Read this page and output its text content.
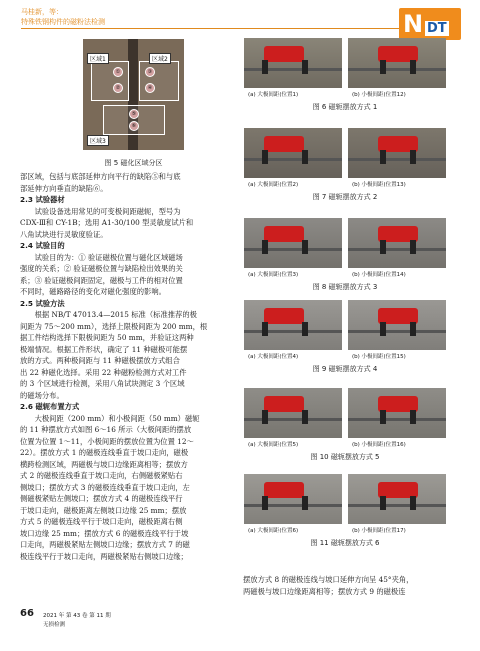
马桂新，等：
特殊铁钢构件的磁粉法检测	N DT
区域1	区域2
区域3
①
②
③
④
⑤
⑥
图 5 磁化区域分区
部区域，包括与底部延伸方向平行的缺陷⑤和与底
部延伸方向垂直的缺陷⑥。
2.3 试验器材
　　试验设备选用常见的可变极间距磁轭，型号为
CDX-Ⅲ和 CY-1B；选用 A1-30/100 型灵敏度试片和
八角试块进行灵敏度验证。
2.4 试验目的
　　试验目的为：① 验证磁极位置与磁化区域磁场
强度的关系；② 验证磁极位置与缺陷检出效果的关
系；③ 验证磁极间距固定，磁极与工件的相对位置
不同时，磁路路径的变化对磁化强度的影响。
2.5 试验方法
　　根据 NB/T 47013.4—2015 标准（标准推荐的极
间距为 75～200 mm），选择上限极间距为 200 mm，根
据工件结构选择下限极间距为 50 mm，并验证这两种
极端情况。根据工件形状，确定了 11 种磁极可能摆
放的方式。两种极间距与 11 种磁极摆放方式组合
出 22 种磁化选择。采用 22 种磁粉检测方式对工件
的 3 个区域进行检测，采用八角试块测定 3 个区域
的磁场分布。
2.6 磁轭布置方式
　　大极间距（200 mm）和小极间距（50 mm）磁轭
的 11 种摆放方式如图 6～16 所示（大极间距的摆放
位置为位置 1～11，小极间距的摆放位置为位置 12～
22）。摆放方式 1 的磁极连线垂直于坡口走向，磁极
横跨检测区域，两磁极与坡口边缘距离相等；摆放方
式 2 的磁极连线垂直于坡口走向，右侧磁极紧贴右
侧坡口；摆放方式 3 的磁极连线垂直于坡口走向，左
侧磁极紧贴左侧坡口；摆放方式 4 的磁极连线平行
于坡口走向，磁极距离左侧坡口边缘 25 mm；摆放
方式 5 的磁极连线平行于坡口走向，磁极距离右侧
坡口边缘 25 mm；摆放方式 6 的磁极连线平行于坡
口走向，两磁极紧贴左侧坡口边缘；摆放方式 7 的磁
极连线平行于坡口走向，两磁极紧贴右侧坡口边缘；
(a) 大极间距(位置1)	(b) 小极间距(位置12)
图 6 磁轭摆放方式 1
(a) 大极间距(位置2)	(b) 小极间距(位置13)
图 7 磁轭摆放方式 2
(a) 大极间距(位置3)	(b) 小极间距(位置14)
图 8 磁轭摆放方式 3
(a) 大极间距(位置4)	(b) 小极间距(位置15)
图 9 磁轭摆放方式 4
(a) 大极间距(位置5)	(b) 小极间距(位置16)
图 10 磁轭摆放方式 5
(a) 大极间距(位置6)	(b) 小极间距(位置17)
图 11 磁轭摆放方式 6
摆放方式 8 的磁极连线与坡口延伸方向呈 45°夹角，
两磁极与坡口边缘距离相等；摆放方式 9 的磁极连
66 2021 年 第 43 卷 第 11 期
无损检测
